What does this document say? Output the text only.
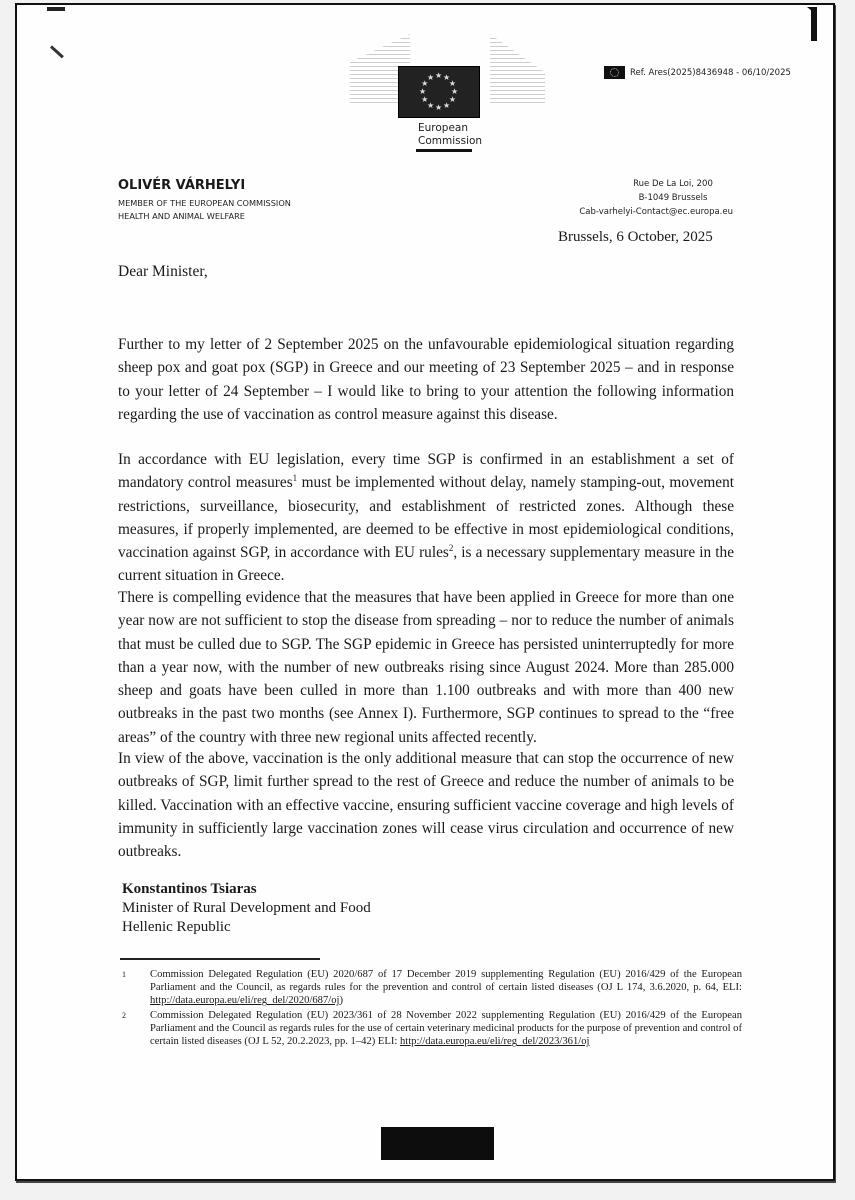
★ ★
★
★
★
★
★
★
★
★
★
★
European
Commission
Ref. Ares(2025)8436948 - 06/10/2025
OLIVÉR VÁRHELYI
MEMBER OF THE EUROPEAN COMMISSION
HEALTH AND ANIMAL WELFARE
Rue De La Loi, 200
B-1049 Brussels
Cab-varhelyi-Contact@ec.europa.eu
Brussels, 6 October, 2025
Dear Minister,
Further to my letter of 2 September 2025 on the unfavourable epidemiological situation regarding sheep pox and goat pox (SGP) in Greece and our meeting of 23 September 2025 – and in response to your letter of 24 September – I would like to bring to your attention the following information regarding the use of vaccination as control measure against this disease.
In accordance with EU legislation, every time SGP is confirmed in an establishment a set of mandatory control measures$^1$ must be implemented without delay, namely stamping-out, movement restrictions, surveillance, biosecurity, and establishment of restricted zones. Although these measures, if properly implemented, are deemed to be effective in most epidemiological conditions, vaccination against SGP, in accordance with EU rules$^2$, is a necessary supplementary measure in the current situation in Greece.
There is compelling evidence that the measures that have been applied in Greece for more than one year now are not sufficient to stop the disease from spreading – nor to reduce the number of animals that must be culled due to SGP. The SGP epidemic in Greece has persisted uninterruptedly for more than a year now, with the number of new outbreaks rising since August 2024. More than 285.000 sheep and goats have been culled in more than 1.100 outbreaks and with more than 400 new outbreaks in the past two months (see Annex I). Furthermore, SGP continues to spread to the “free areas” of the country with three new regional units affected recently.
In view of the above, vaccination is the only additional measure that can stop the occurrence of new outbreaks of SGP, limit further spread to the rest of Greece and reduce the number of animals to be killed. Vaccination with an effective vaccine, ensuring sufficient vaccine coverage and high levels of immunity in sufficiently large vaccination zones will cease virus circulation and occurrence of new outbreaks.
Konstantinos Tsiaras
Minister of Rural Development and Food
Hellenic Republic
1 Commission Delegated Regulation (EU) 2020/687 of 17 December 2019 supplementing Regulation (EU) 2016/429 of the European Parliament and the Council, as regards rules for the prevention and control of certain listed diseases (OJ L 174, 3.6.2020, p. 64, ELI: http://data.europa.eu/eli/reg_del/2020/687/oj)
2 Commission Delegated Regulation (EU) 2023/361 of 28 November 2022 supplementing Regulation (EU) 2016/429 of the European Parliament and the Council as regards rules for the use of certain veterinary medicinal products for the purpose of prevention and control of certain listed diseases (OJ L 52, 20.2.2023, pp. 1–42) ELI: http://data.europa.eu/eli/reg_del/2023/361/oj
